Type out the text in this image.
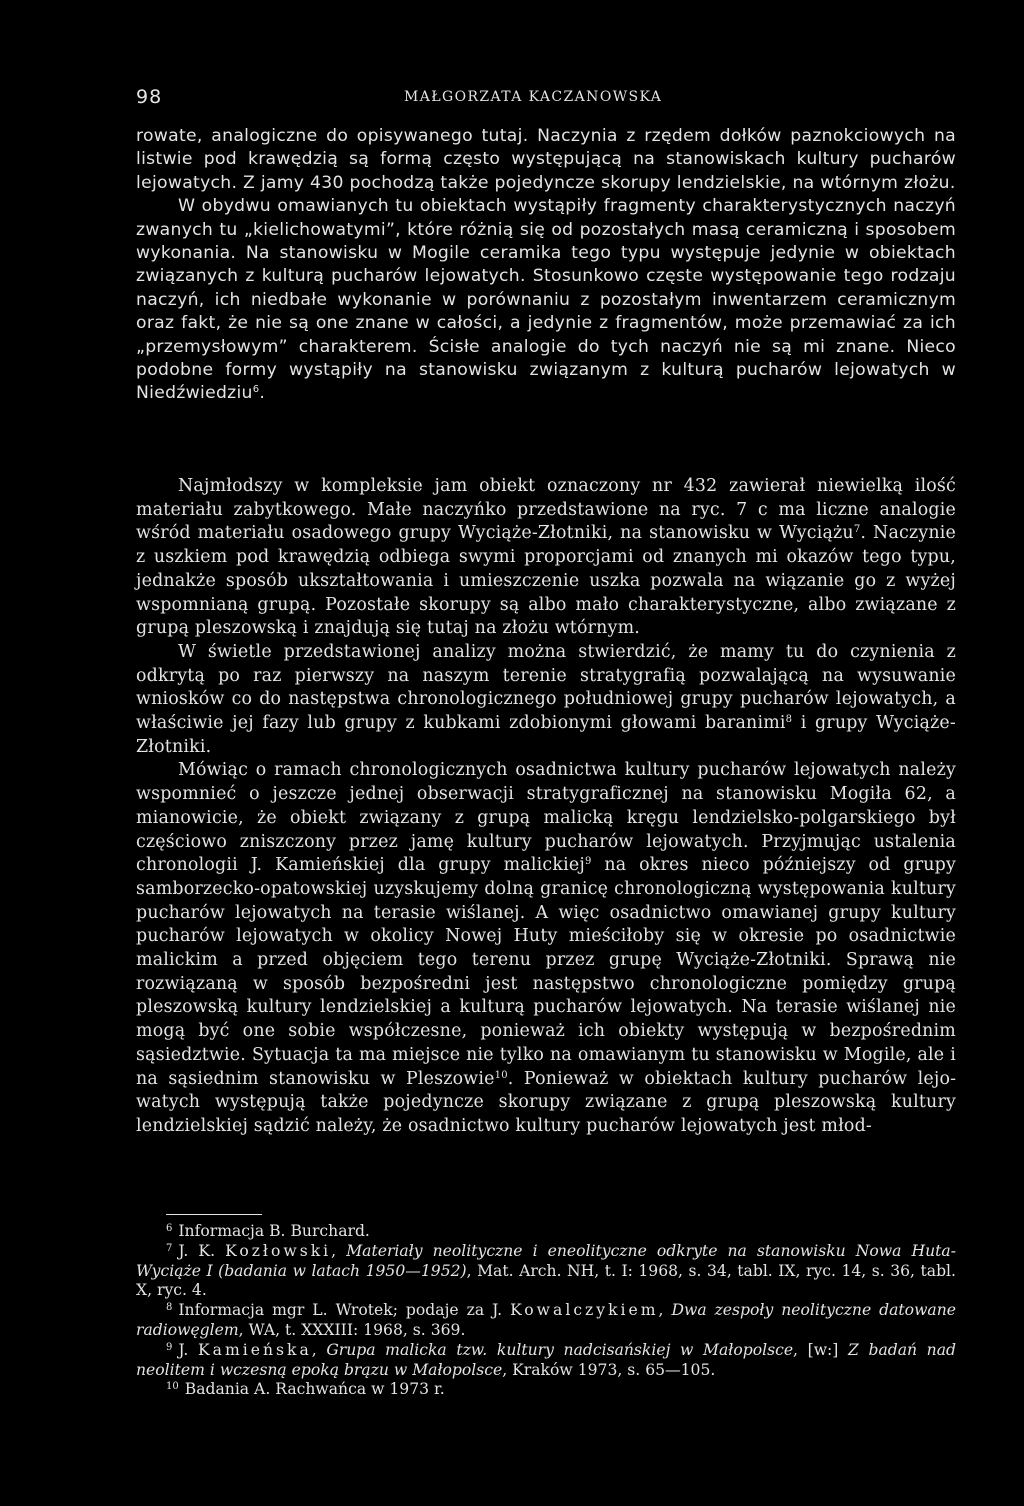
98	MAŁGORZATA KACZANOWSKA

rowate, analogiczne do opisywanego tutaj. Naczynia z rzędem dołków paznokciowych na listwie pod krawędzią są formą często występującą na stanowiskach kultury pucharów lejowatych. Z jamy 430 pochodzą także pojedyncze skorupy lendzielskie, na wtórnym złożu.

W obydwu omawianych tu obiektach wystąpiły fragmenty charakterystycznych naczyń zwanych tu „kielichowatymi”, które różnią się od pozostałych masą ceramiczną i sposobem wykonania. Na stanowisku w Mogile ceramika tego typu występuje jedynie w obiektach związanych z kulturą pucharów lejowatych. Stosunkowo częste występowanie tego rodzaju naczyń, ich niedbałe wykonanie w porównaniu z pozostałym inwentarzem ceramicznym oraz fakt, że nie są one znane w całości, a jedynie z fragmentów, może przemawiać za ich „przemysłowym” charakterem. Ścisłe analogie do tych naczyń nie są mi znane. Nieco podobne formy wystąpiły na stanowisku związanym z kulturą pucharów lejowatych w Niedźwiedziu$^6$.

Najmłodszy w kompleksie jam obiekt oznaczony nr 432 zawierał niewielką ilość materiału zabytkowego. Małe naczyńko przedstawione na ryc. 7 c ma liczne analogie wśród materiału osadowego grupy Wyciąże-Złotniki, na stanowisku w Wyciążu$^7$. Naczynie z uszkiem pod krawędzią odbiega swymi proporcjami od znanych mi okazów tego typu, jednakże sposób ukształtowania i umieszczenie uszka pozwala na wiązanie go z wyżej wspomnianą grupą. Pozostałe skorupy są albo mało charakterystyczne, albo związane z grupą pleszowską i znajdują się tutaj na złożu wtórnym.

W świetle przedstawionej analizy można stwierdzić, że mamy tu do czynienia z odkrytą po raz pierwszy na naszym terenie stratygrafią pozwalającą na wysuwanie wniosków co do następstwa chronologicznego południowej grupy pucharów lejowatych, a właściwie jej fazy lub grupy z kubkami zdobionymi głowami baranimi$^8$ i grupy Wyciąże-Złotniki.

Mówiąc o ramach chronologicznych osadnictwa kultury pucharów lejowatych należy wspomnieć o jeszcze jednej obserwacji stratygraficznej na stanowisku Mogiła 62, a mianowicie, że obiekt związany z grupą malicką kręgu lendzielsko-polgarskiego był częściowo zniszczony przez jamę kultury pucharów lejowatych. Przyjmując ustalenia chronologii J. Kamieńskiej dla grupy malickiej$^9$ na okres nieco późniejszy od grupy samborzecko-opatowskiej uzyskujemy dolną granicę chronologiczną występowania kultury pucharów lejowatych na terasie wiślanej. A więc osadnictwo omawianej grupy kultury pucharów lejowatych w okolicy Nowej Huty mieściłoby się w okresie po osadnictwie malickim a przed objęciem tego terenu przez grupę Wyciąże-Złotniki. Sprawą nie rozwiązaną w sposób bezpośredni jest następstwo chronologiczne pomiędzy grupą pleszowską kultury lendzielskiej a kulturą pucharów lejowatych. Na terasie wiślanej nie mogą być one sobie współczesne, ponieważ ich obiekty występują w bezpośrednim sąsiedztwie. Sytuacja ta ma miejsce nie tylko na omawianym tu stanowisku w Mogile, ale i na sąsiednim stanowisku w Pleszowie$^{10}$. Ponieważ w obiektach kultury pucharów lejowatych występują także pojedyncze skorupy związane z grupą pleszowską kultury lendzielskiej sądzić należy, że osadnictwo kultury pucharów lejowatych jest młod-

$^6$ Informacja B. Burchard.

$^7$ J. K. Kozłowski, Materiały neolityczne i eneolityczne odkryte na stanowisku Nowa Huta-Wyciąże I (badania w latach 1950—1952), Mat. Arch. NH, t. I: 1968, s. 34, tabl. IX, ryc. 14, s. 36, tabl. X, ryc. 4.

$^8$ Informacja mgr L. Wrotek; podaje za J. Kowalczykiem, Dwa zespoły neolityczne datowane radiowęglem, WA, t. XXXIII: 1968, s. 369.

$^9$ J. Kamieńska, Grupa malicka tzw. kultury nadcisańskiej w Małopolsce, [w:] Z badań nad neolitem i wczesną epoką brązu w Małopolsce, Kraków 1973, s. 65—105.

$^{10}$ Badania A. Rachwańca w 1973 r.
